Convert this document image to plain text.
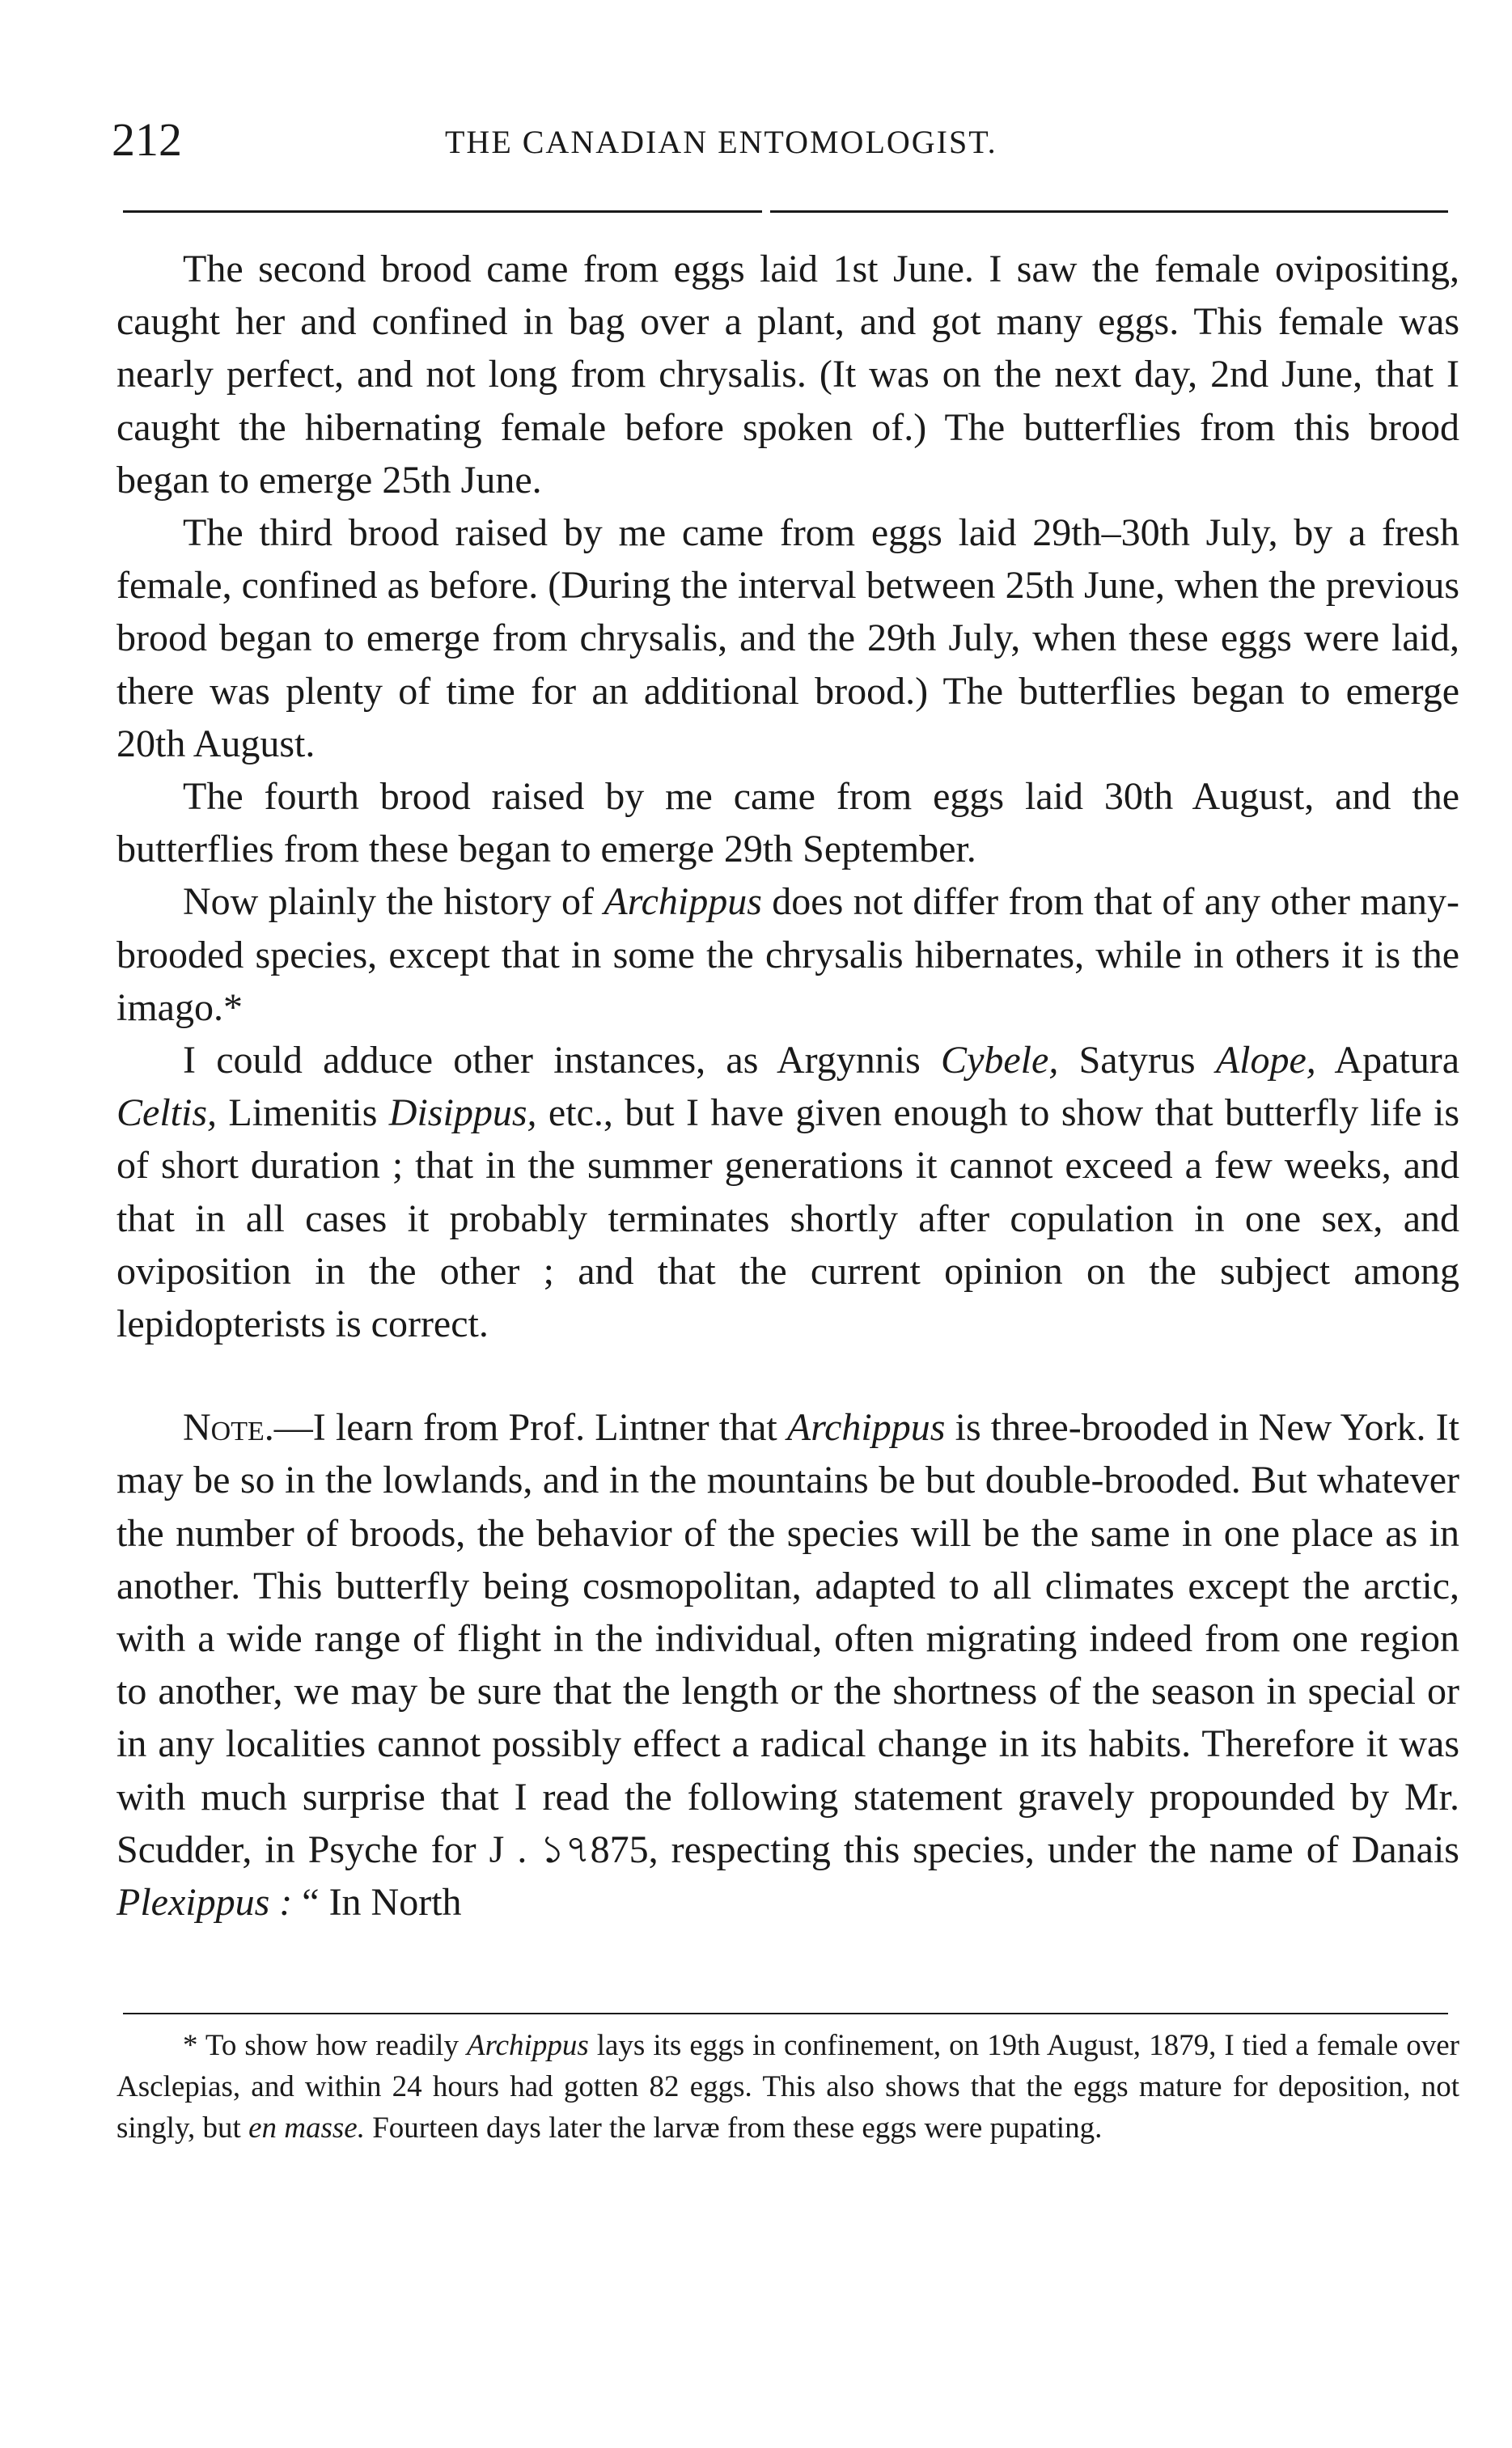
212	THE CANADIAN ENTOMOLOGIST.

The second brood came from eggs laid 1st June. I saw the female ovipositing, caught her and confined in bag over a plant, and got many eggs. This female was nearly perfect, and not long from chrysalis. (It was on the next day, 2nd June, that I caught the hibernating female before spoken of.) The butterflies from this brood began to emerge 25th June.

The third brood raised by me came from eggs laid 29th–30th July, by a fresh female, confined as before. (During the interval between 25th June, when the previous brood began to emerge from chrysalis, and the 29th July, when these eggs were laid, there was plenty of time for an additional brood.) The butterflies began to emerge 20th August.

The fourth brood raised by me came from eggs laid 30th August, and the butterflies from these began to emerge 29th September.

Now plainly the history of Archippus does not differ from that of any other many-brooded species, except that in some the chrysalis hibernates, while in others it is the imago.*

I could adduce other instances, as Argynnis Cybele, Satyrus Alope, Apatura Celtis, Limenitis Disippus, etc., but I have given enough to show that butterfly life is of short duration ; that in the summer generations it cannot exceed a few weeks, and that in all cases it probably terminates shortly after copulation in one sex, and oviposition in the other ; and that the current opinion on the subject among lepidopterists is correct.

Note.—I learn from Prof. Lintner that Archippus is three-brooded in New York. It may be so in the lowlands, and in the mountains be but double-brooded. But whatever the number of broods, the behavior of the species will be the same in one place as in another. This butterfly being cosmopolitan, adapted to all climates except the arctic, with a wide range of flight in the individual, often migrating indeed from one region to another, we may be sure that the length or the shortness of the season in special or in any localities cannot possibly effect a radical change in its habits. Therefore it was with much surprise that I read the following statement gravely propounded by Mr. Scudder, in Psyche for J . ১৭875, respecting this species, under the name of Danais Plexippus : “ In North

* To show how readily Archippus lays its eggs in confinement, on 19th August, 1879, I tied a female over Asclepias, and within 24 hours had gotten 82 eggs. This also shows that the eggs mature for deposition, not singly, but en masse. Fourteen days later the larvæ from these eggs were pupating.
